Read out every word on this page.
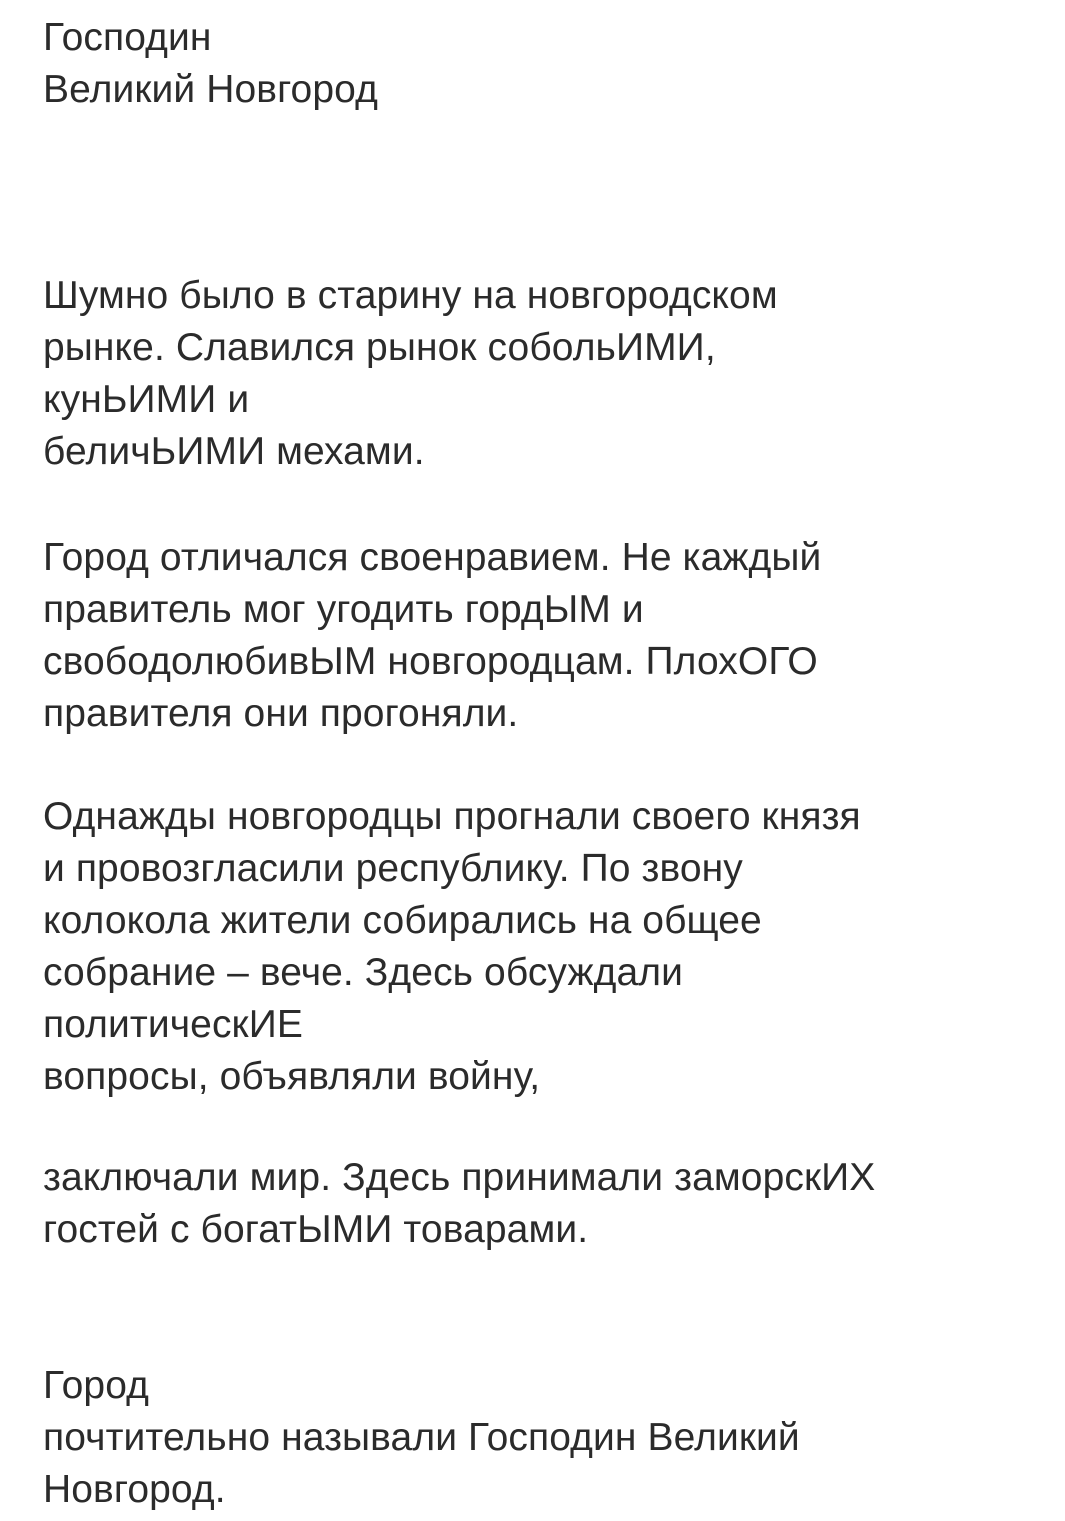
Господин
Великий Новгород
Шумно было в старину на новгородском
рынке. Славился рынок собольИМИ,
кунЬИМИ и
беличЬИМИ мехами.
Город отличался своенравием. Не каждый
правитель мог угодить гордЫМ и
свободолюбивЫМ новгородцам. ПлохОГО
правителя они прогоняли.
Однажды новгородцы прогнали своего князя
и провозгласили республику. По звону
колокола жители собирались на общее
собрание – вече. Здесь обсуждали
политическИЕ
вопросы, объявляли войну,
заключали мир. Здесь принимали заморскИХ
гостей с богатЫМИ товарами.
Город
почтительно называли Господин Великий
Новгород.
